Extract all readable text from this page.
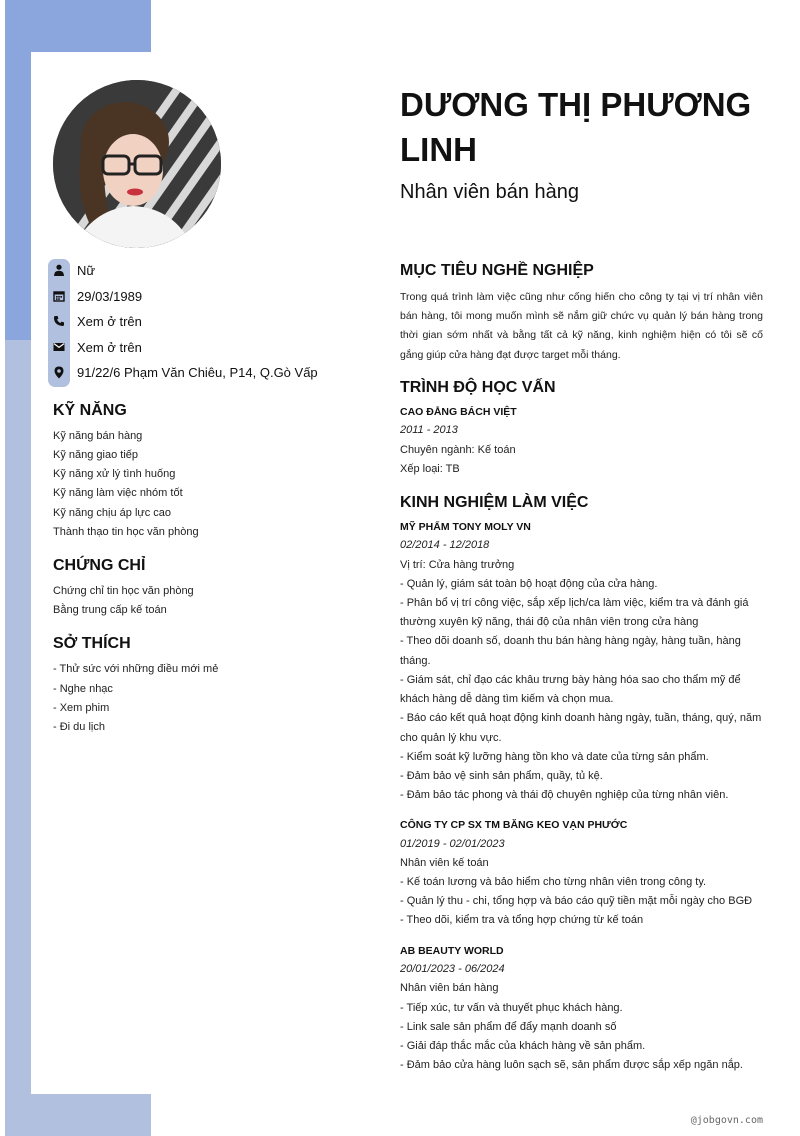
Nữ
29/03/1989
Xem ở trên
Xem ở trên
91/22/6 Phạm Văn Chiêu, P14, Q.Gò Vấp
KỸ NĂNG
Kỹ năng bán hàng
Kỹ năng giao tiếp
Kỹ năng xử lý tình huống
Kỹ năng làm việc nhóm tốt
Kỹ năng chịu áp lực cao
Thành thạo tin học văn phòng
CHỨNG CHỈ
Chứng chỉ tin học văn phòng
Bằng trung cấp kế toán
SỞ THÍCH
- Thử sức với những điều mới mẻ
- Nghe nhạc
- Xem phim
- Đi du lịch
DƯƠNG THỊ PHƯƠNG LINH
Nhân viên bán hàng
MỤC TIÊU NGHỀ NGHIỆP
Trong quá trình làm việc cũng như cống hiến cho công ty tại vị trí nhân viên bán hàng, tôi mong muốn mình sẽ nắm giữ chức vụ quản lý bán hàng trong thời gian sớm nhất và bằng tất cả kỹ năng, kinh nghiệm hiện có tôi sẽ cố gắng giúp cửa hàng đạt được target mỗi tháng.
TRÌNH ĐỘ HỌC VẤN
CAO ĐẲNG BÁCH VIỆT
2011 - 2013
Chuyên ngành: Kế toán
Xếp loại: TB
KINH NGHIỆM LÀM VIỆC
MỸ PHẨM TONY MOLY VN
02/2014 - 12/2018
Vị trí: Cửa hàng trưởng
- Quản lý, giám sát toàn bộ hoạt động của cửa hàng.
- Phân bổ vị trí công việc, sắp xếp lịch/ca làm việc, kiểm tra và đánh giá
thường xuyên kỹ năng, thái độ của nhân viên trong cửa hàng
- Theo dõi doanh số, doanh thu bán hàng hàng ngày, hàng tuần, hàng
tháng.
- Giám sát, chỉ đạo các khâu trưng bày hàng hóa sao cho thẩm mỹ để
khách hàng dễ dàng tìm kiếm và chọn mua.
- Báo cáo kết quả hoạt động kinh doanh hàng ngày, tuần, tháng, quý, năm
cho quản lý khu vực.
- Kiểm soát kỹ lưỡng hàng tồn kho và date của từng sản phẩm.
- Đảm bảo vệ sinh sản phẩm, quầy, tủ kệ.
- Đảm bảo tác phong và thái độ chuyên nghiệp của từng nhân viên.
CÔNG TY CP SX TM BĂNG KEO VẠN PHƯỚC
01/2019 - 02/01/2023
Nhân viên kế toán
- Kế toán lương và bảo hiểm cho từng nhân viên trong công ty.
- Quản lý thu - chi, tổng hợp và báo cáo quỹ tiền mặt mỗi ngày cho BGĐ
- Theo dõi, kiểm tra và tổng hợp chứng từ kế toán
AB BEAUTY WORLD
20/01/2023 - 06/2024
Nhân viên bán hàng
- Tiếp xúc, tư vấn và thuyết phục khách hàng.
- Link sale sản phẩm để đẩy mạnh doanh số
- Giải đáp thắc mắc của khách hàng về sản phẩm.
- Đảm bảo cửa hàng luôn sạch sẽ, sản phẩm được sắp xếp ngăn nắp.
@jobgovn.com
